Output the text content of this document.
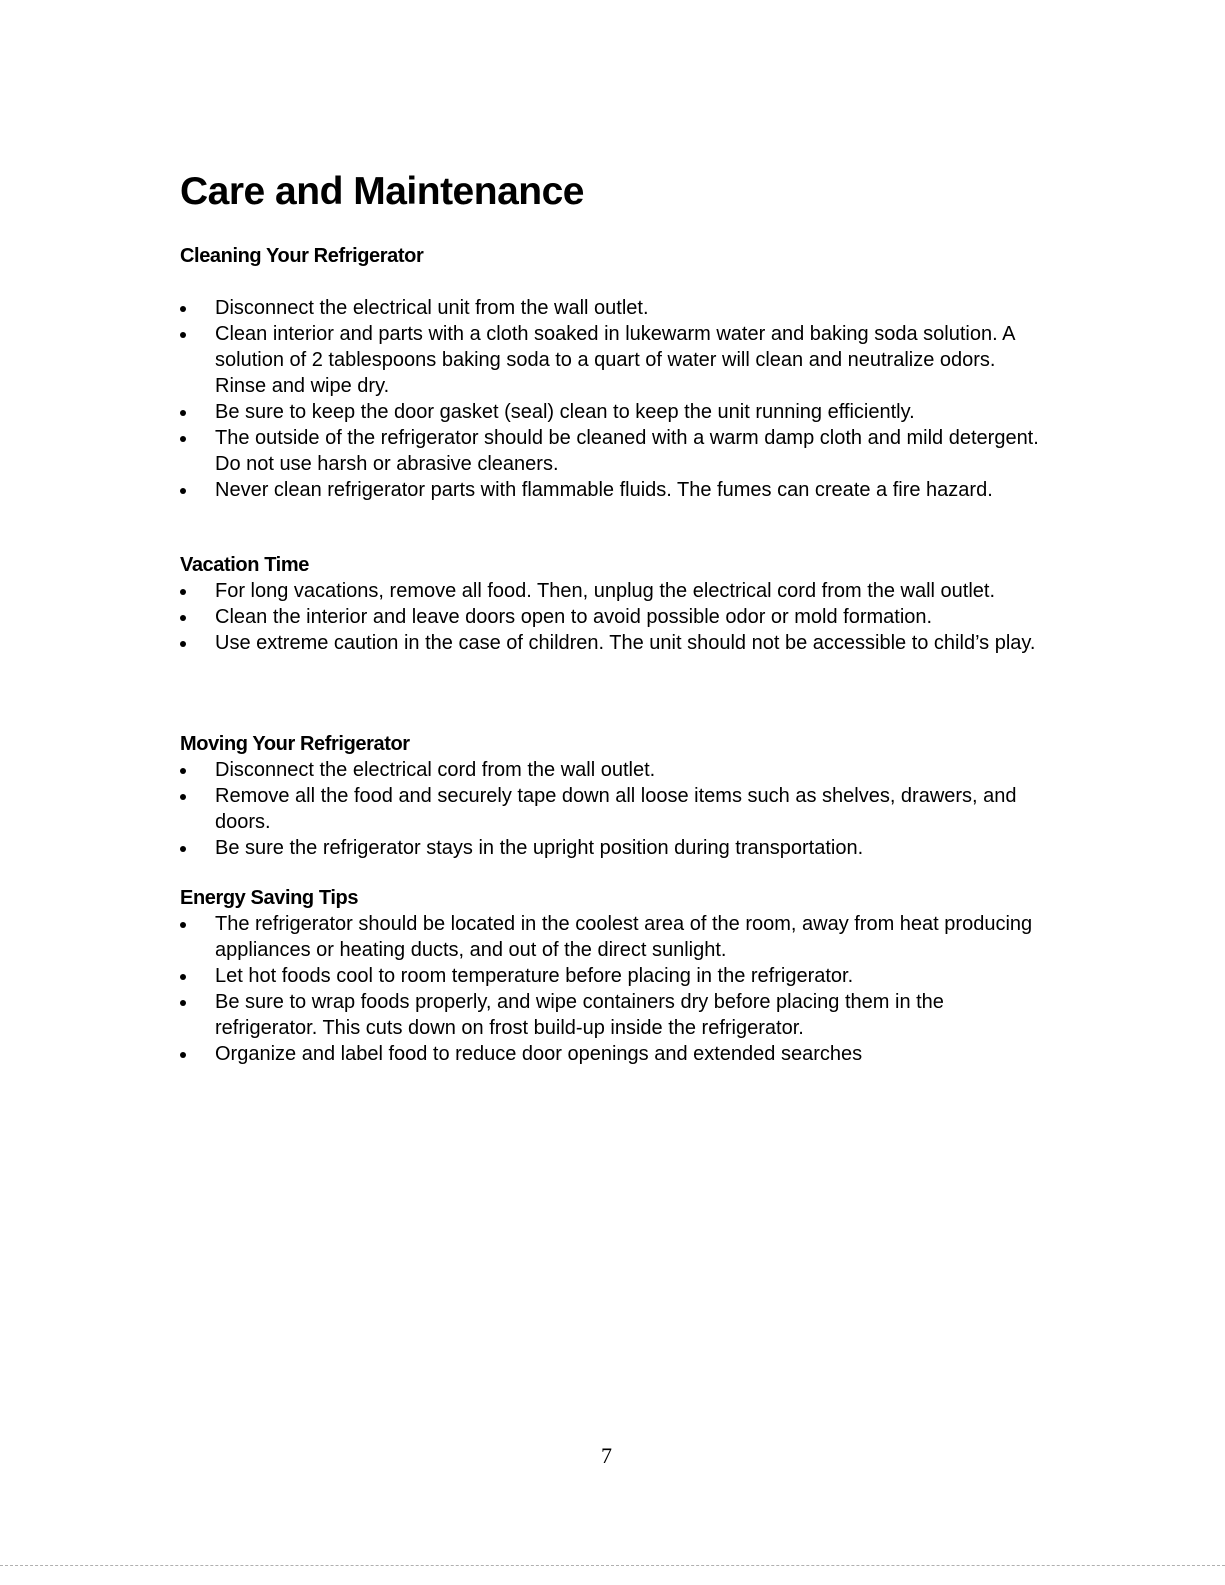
Care and Maintenance
Cleaning Your Refrigerator
Disconnect the electrical unit from the wall outlet.
Clean interior and parts with a cloth soaked in lukewarm water and baking soda solution. A solution of 2 tablespoons baking soda to a quart of water will clean and neutralize odors. Rinse and wipe dry.
Be sure to keep the door gasket (seal) clean to keep the unit running efficiently.
The outside of the refrigerator should be cleaned with a warm damp cloth and mild detergent. Do not use harsh or abrasive cleaners.
Never clean refrigerator parts with flammable fluids. The fumes can create a fire hazard.
Vacation Time
For long vacations, remove all food. Then, unplug the electrical cord from the wall outlet.
Clean the interior and leave doors open to avoid possible odor or mold formation.
Use extreme caution in the case of children. The unit should not be accessible to child’s play.
Moving Your Refrigerator
Disconnect the electrical cord from the wall outlet.
Remove all the food and securely tape down all loose items such as shelves, drawers, and doors.
Be sure the refrigerator stays in the upright position during transportation.
Energy Saving Tips
The refrigerator should be located in the coolest area of the room, away from heat producing appliances or heating ducts, and out of the direct sunlight.
Let hot foods cool to room temperature before placing in the refrigerator.
Be sure to wrap foods properly, and wipe containers dry before placing them in the refrigerator. This cuts down on frost build-up inside the refrigerator.
Organize and label food to reduce door openings and extended searches
7
